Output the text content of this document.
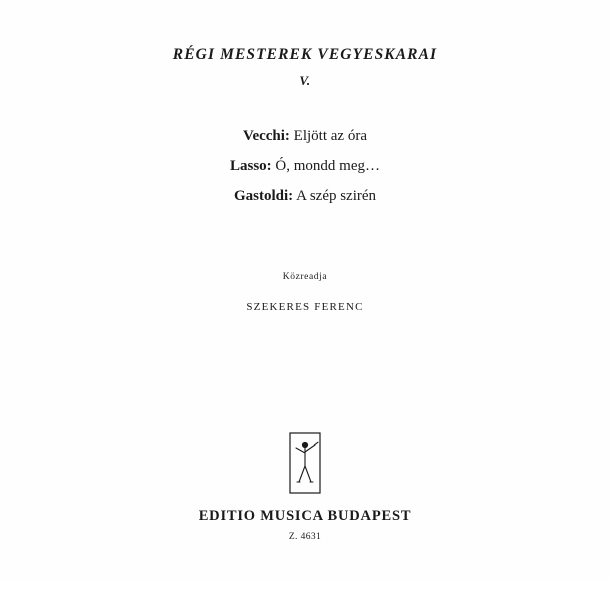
RÉGI MESTEREK VEGYESKARAI
V.
Vecchi: Eljött az óra
Lasso: Ó, mondd meg…
Gastoldi: A szép szirén
Közreadja
SZEKERES FERENC
EDITIO MUSICA BUDAPEST
Z. 4631
